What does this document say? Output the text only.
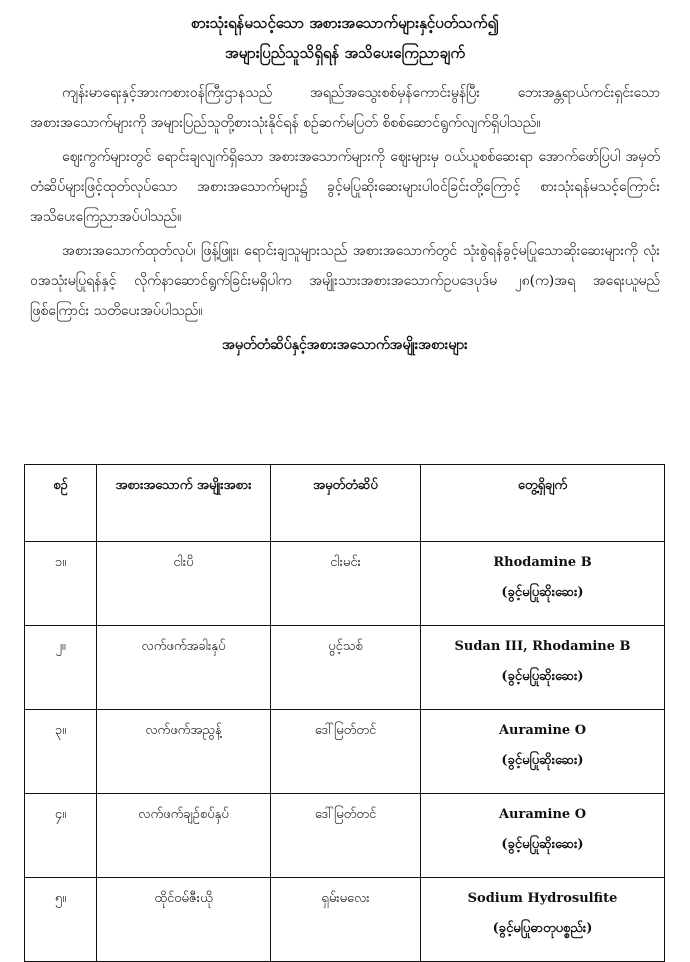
စားသုံးရန်မသင့်သော အစားအသောက်များနှင့်ပတ်သက်၍

အများပြည်သူသိရှိရန် အသိပေးကြေညာချက်

ကျန်းမာရေးနှင့်အားကစားဝန်ကြီးဌာနသည် အရည်အသွေးစစ်မှန်ကောင်းမွန်ပြီး ဘေးအန္တရာယ်ကင်းရှင်းသော အစားအသောက်များကို အများပြည်သူတို့စားသုံးနိုင်ရန် စဉ်ဆက်မပြတ် စိစစ်ဆောင်ရွက်လျက်ရှိပါသည်။

ဈေးကွက်များတွင် ရောင်းချလျက်ရှိသော အစားအသောက်များကို ဈေးများမှ ဝယ်ယူစစ်ဆေးရာ အောက်ဖော်ပြပါ အမှတ်တံဆိပ်များဖြင့်ထုတ်လုပ်သော အစားအသောက်များ၌ ခွင့်မပြုဆိုးဆေးများပါဝင်ခြင်းတို့ကြောင့် စားသုံးရန်မသင့်ကြောင်း အသိပေးကြေညာအပ်ပါသည်။

အစားအသောက်ထုတ်လုပ်၊ ဖြန့်ဖြူး၊ ရောင်းချသူများသည် အစားအသောက်တွင် သုံးစွဲရန်ခွင့်မပြုသောဆိုးဆေးများကို လုံးဝအသုံးမပြုရန်နှင့် လိုက်နာဆောင်ရွက်ခြင်းမရှိပါက အမျိုးသားအစားအသောက်ဥပဒေပုဒ်မ ၂၈(က)အရ အရေးယူမည်ဖြစ်ကြောင်း သတိပေးအပ်ပါသည်။

အမှတ်တံဆိပ်နှင့်အစားအသောက်အမျိုးအစားများ

စဉ်	အစားအသောက် အမျိုးအစား	အမှတ်တံဆိပ်	တွေ့ရှိချက်
၁။	ငါးပိ	ငါးမင်း	Rhodamine B
(ခွင့်မပြုဆိုးဆေး)

၂။	လက်ဖက်အခါးနှပ်	ပွင့်သစ်	Sudan III, Rhodamine B
(ခွင့်မပြုဆိုးဆေး)

၃။	လက်ဖက်အညွန့်	ဒေါ်မြတ်တင်	Auramine O
(ခွင့်မပြုဆိုးဆေး)

၄။	လက်ဖက်ချဉ်စပ်နှပ်	ဒေါ်မြတ်တင်	Auramine O
(ခွင့်မပြုဆိုးဆေး)

၅။	ထိုင်ဝမ်ဇီးယို	ရှမ်းမလေး	Sodium Hydrosulfite
(ခွင့်မပြုဓာတုပစ္စည်း)
